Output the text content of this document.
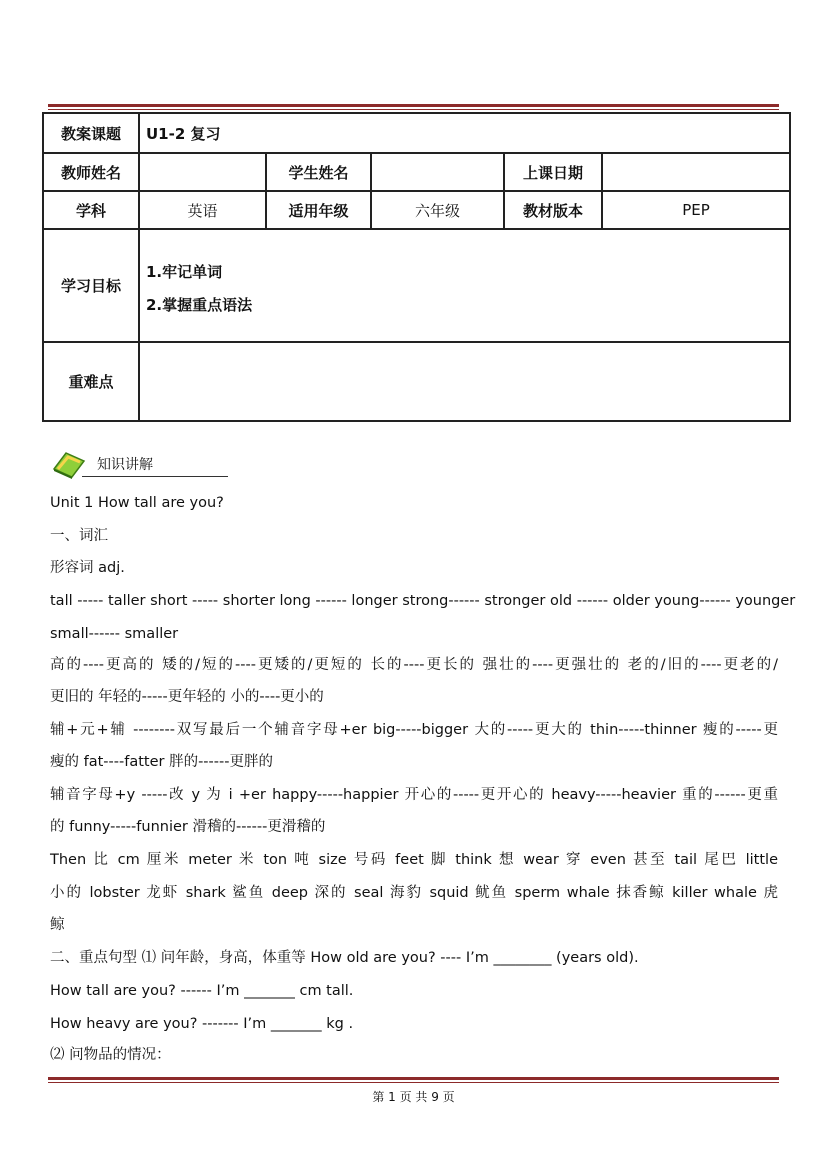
教案课题	U1-2 复习				
教师姓名		学生姓名		上课日期	
学科	英语	适用年级	六年级	教材版本	PEP
学习目标	1.牢记单词
2.掌握重点语法				

重难点					
知识讲解
Unit 1 How tall are you?
一、词汇
形容词 adj.
tall ----- taller short ----- shorter long ------ longer strong------ stronger old ------ older young------ younger
small------ smaller
高的----更高的 矮的/短的----更矮的/更短的 长的----更长的 强壮的----更强壮的 老的/旧的----更老的/
更旧的 年轻的-----更年轻的 小的----更小的
辅+元+辅 --------双写最后一个辅音字母+er big-----bigger 大的-----更大的 thin-----thinner 瘦的-----更
瘦的 fat----fatter 胖的------更胖的
辅音字母+y -----改 y 为 i +er happy-----happier 开心的-----更开心的 heavy-----heavier 重的------更重
的 funny-----funnier 滑稽的------更滑稽的
Then 比 cm 厘米 meter 米 ton 吨 size 号码 feet 脚 think 想 wear 穿 even 甚至 tail 尾巴 little
小的 lobster 龙虾 shark 鲨鱼 deep 深的 seal 海豹 squid 鱿鱼 sperm whale 抹香鲸 killer whale 虎
鲸
二、重点句型 ⑴ 问年龄，身高，体重等 How old are you? ---- I’m ________ (years old).
How tall are you? ------ I’m _______ cm tall.
How heavy are you? ------- I’m _______ kg .
⑵ 问物品的情况：
第 1 页 共 9 页
